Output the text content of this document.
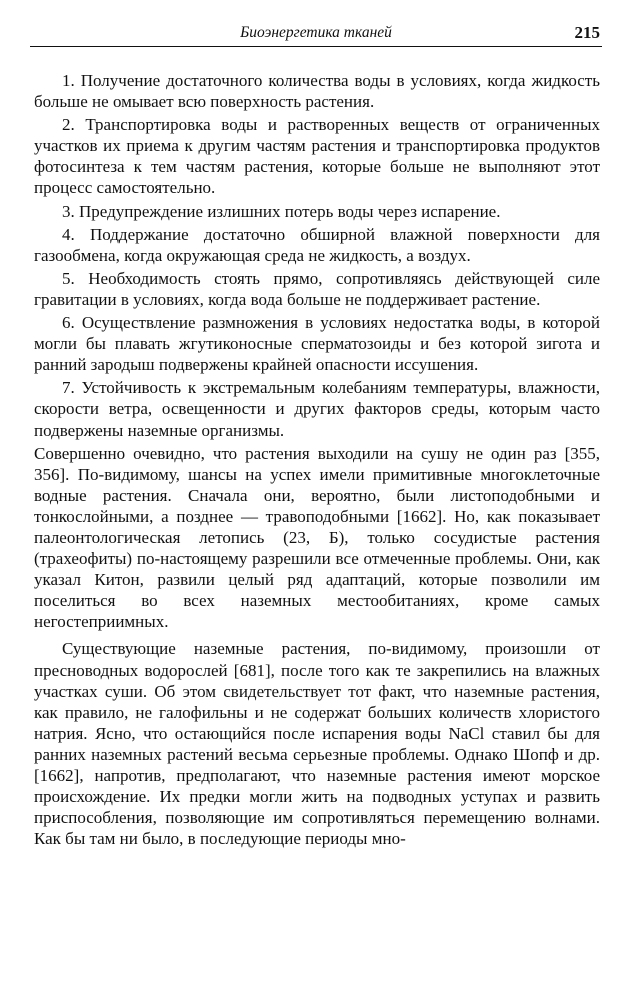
Биоэнергетика тканей	215

1. Получение достаточного количества воды в условиях, когда жидкость больше не омывает всю поверхность растения.

2. Транспортировка воды и растворенных веществ от ограниченных участков их приема к другим частям растения и транспортировка продуктов фотосинтеза к тем частям растения, которые больше не выполняют этот процесс самостоятельно.

3. Предупреждение излишних потерь воды через испарение.

4. Поддержание достаточно обширной влажной поверхности для газообмена, когда окружающая среда не жидкость, а воздух.

5. Необходимость стоять прямо, сопротивляясь действующей силе гравитации в условиях, когда вода больше не поддерживает растение.

6. Осуществление размножения в условиях недостатка воды, в которой могли бы плавать жгутиконосные сперматозоиды и без которой зигота и ранний зародыш подвержены крайней опасности иссушения.

7. Устойчивость к экстремальным колебаниям температуры, влажности, скорости ветра, освещенности и других факторов среды, которым часто подвержены наземные организмы.

Совершенно очевидно, что растения выходили на сушу не один раз [355, 356]. По-видимому, шансы на успех имели примитивные многоклеточные водные растения. Сначала они, вероятно, были листоподобными и тонкослойными, а позднее — травоподобными [1662]. Но, как показывает палеонтологическая летопись (23, Б), только сосудистые растения (трахеофиты) по-настоящему разрешили все отмеченные проблемы. Они, как указал Китон, развили целый ряд адаптаций, которые позволили им поселиться во всех наземных местообитаниях, кроме самых негостеприимных.

Существующие наземные растения, по-видимому, произошли от пресноводных водорослей [681], после того как те закрепились на влажных участках суши. Об этом свидетельствует тот факт, что наземные растения, как правило, не галофильны и не содержат больших количеств хлористого натрия. Ясно, что остающийся после испарения воды NaCl ставил бы для ранних наземных растений весьма серьезные проблемы. Однако Шопф и др. [1662], напротив, предполагают, что наземные растения имеют морское происхождение. Их предки могли жить на подводных уступах и развить приспособления, позволяющие им сопротивляться перемещению волнами. Как бы там ни было, в последующие периоды мно-
